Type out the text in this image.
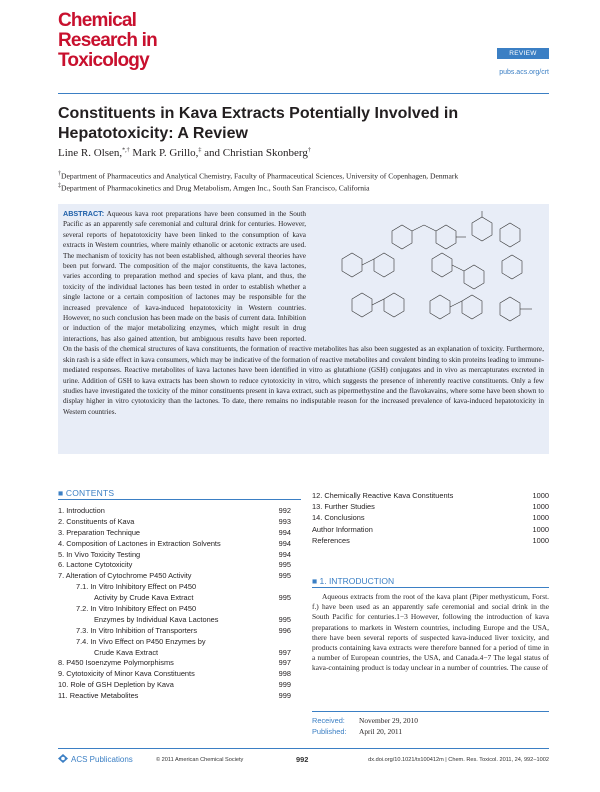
Chemical
Research in
Toxicology	REVIEW
pubs.acs.org/crt
Constituents in Kava Extracts Potentially Involved in Hepatotoxicity: A Review
Line R. Olsen,*,† Mark P. Grillo,‡ and Christian Skonberg†
†Department of Pharmaceutics and Analytical Chemistry, Faculty of Pharmaceutical Sciences, University of Copenhagen, Denmark
‡Department of Pharmacokinetics and Drug Metabolism, Amgen Inc., South San Francisco, California
ABSTRACT: Aqueous kava root preparations have been consumed in the South Pacific as an apparently safe ceremonial and cultural drink for centuries. However, several reports of hepatotoxicity have been linked to the consumption of kava extracts in Western countries, where mainly ethanolic or acetonic extracts are used. The mechanism of toxicity has not been established, although several theories have been put forward. The composition of the major constituents, the kava lactones, varies according to preparation method and species of kava plant, and thus, the toxicity of the individual lactones has been tested in order to establish whether a single lactone or a certain composition of lactones may be responsible for the increased prevalence of kava-induced hepatotoxicity in Western countries. However, no such conclusion has been made on the basis of current data. Inhibition or induction of the major metabolizing enzymes, which might result in drug interactions, has also gained attention, but ambiguous results have been reported. On the basis of the chemical structures of kava constituents, the formation of reactive metabolites has also been suggested as an explanation of toxicity. Furthermore, skin rash is a side effect in kava consumers, which may be indicative of the formation of reactive metabolites and covalent binding to skin proteins leading to immune-mediated responses. Reactive metabolites of kava lactones have been identified in vitro as glutathione (GSH) conjugates and in vivo as mercapturates excreted in urine. Addition of GSH to kava extracts has been shown to reduce cytotoxicity in vitro, which suggests the presence of inherently reactive constituents. Only a few studies have investigated the toxicity of the minor constituents present in kava extract, such as pipermethystine and the flavokavains, where some have been shown to display higher in vitro cytotoxicity than the lactones. To date, there remains no indisputable reason for the increased prevalence of kava-induced hepatotoxicity in Western countries.
■ CONTENTS
1. Introduction	992
2. Constituents of Kava	993
3. Preparation Technique	994
4. Composition of Lactones in Extraction Solvents	994
5. In Vivo Toxicity Testing	994
6. Lactone Cytotoxicity	995
7. Alteration of Cytochrome P450 Activity	995
7.1. In Vitro Inhibitory Effect on P450
Activity by Crude Kava Extract	995
7.2. In Vitro Inhibitory Effect on P450
Enzymes by Individual Kava Lactones	995
7.3. In Vitro Inhibition of Transporters	996
7.4. In Vivo Effect on P450 Enzymes by
Crude Kava Extract	997
8. P450 Isoenzyme Polymorphisms	997
9. Cytotoxicity of Minor Kava Constituents	998
10. Role of GSH Depletion by Kava	999
11. Reactive Metabolites	999
12. Chemically Reactive Kava Constituents	1000
13. Further Studies	1000
14. Conclusions	1000
Author Information	1000
References	1000
■ 1. INTRODUCTION

Aqueous extracts from the root of the kava plant (Piper methysticum, Forst. f.) have been used as an apparently safe ceremonial and social drink in the South Pacific for centuries.1−3 However, following the introduction of kava preparations to markets in Western countries, including Europe and the USA, there have been several reports of suspected kava-induced liver toxicity, and products containing kava extracts were therefore banned for a period of time in a number of European countries, the USA, and Canada.4−7 The legal status of kava-containing product is today unclear in a number of countries. The cause of

Received:	November 29, 2010
Published:	April 20, 2011
ACS Publications	© 2011 American Chemical Society	992	dx.doi.org/10.1021/tx100412m | Chem. Res. Toxicol. 2011, 24, 992−1002
